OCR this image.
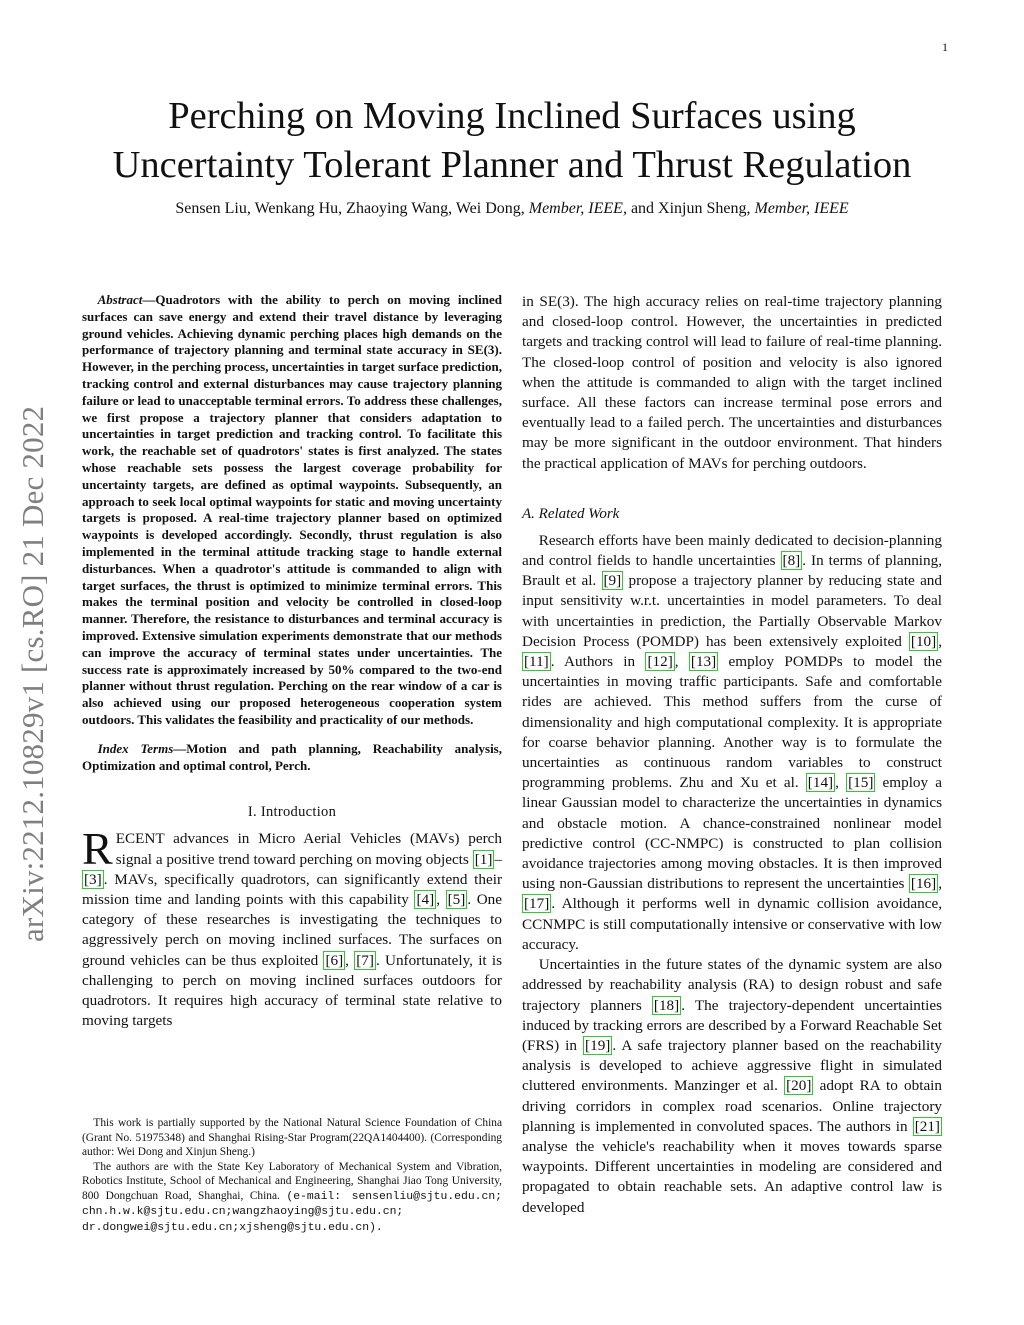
1
arXiv:2212.10829v1 [cs.RO] 21 Dec 2022
Perching on Moving Inclined Surfaces using
Uncertainty Tolerant Planner and Thrust Regulation
Sensen Liu, Wenkang Hu, Zhaoying Wang, Wei Dong, Member, IEEE, and Xinjun Sheng, Member, IEEE

Abstract—Quadrotors with the ability to perch on moving inclined surfaces can save energy and extend their travel distance by leveraging ground vehicles. Achieving dynamic perching places high demands on the performance of trajectory planning and terminal state accuracy in SE(3). However, in the perching process, uncertainties in target surface prediction, tracking control and external disturbances may cause trajectory planning failure or lead to unacceptable terminal errors. To address these challenges, we first propose a trajectory planner that considers adaptation to uncertainties in target prediction and tracking control. To facilitate this work, the reachable set of quadrotors' states is first analyzed. The states whose reachable sets possess the largest coverage probability for uncertainty targets, are defined as optimal waypoints. Subsequently, an approach to seek local optimal waypoints for static and moving uncertainty targets is proposed. A real-time trajectory planner based on optimized waypoints is developed accordingly. Secondly, thrust regulation is also implemented in the terminal attitude tracking stage to handle external disturbances. When a quadrotor's attitude is commanded to align with target surfaces, the thrust is optimized to minimize terminal errors. This makes the terminal position and velocity be controlled in closed-loop manner. Therefore, the resistance to disturbances and terminal accuracy is improved. Extensive simulation experiments demonstrate that our methods can improve the accuracy of terminal states under uncertainties. The success rate is approximately increased by 50% compared to the two-end planner without thrust regulation. Perching on the rear window of a car is also achieved using our proposed heterogeneous cooperation system outdoors. This validates the feasibility and practicality of our methods.

Index Terms—Motion and path planning, Reachability analysis, Optimization and optimal control, Perch.

I. Introduction

RECENT advances in Micro Aerial Vehicles (MAVs) perch signal a positive trend toward perching on moving objects [1] –[3] . MAVs, specifically quadrotors, can significantly extend their mission time and landing points with this capability [4] , [5] . One category of these researches is investigating the techniques to aggressively perch on moving inclined surfaces. The surfaces on ground vehicles can be thus exploited [6] , [7] . Unfortunately, it is challenging to perch on moving inclined surfaces outdoors for quadrotors. It requires high accuracy of terminal state relative to moving targets

This work is partially supported by the National Natural Science Foundation of China (Grant No. 51975348) and Shanghai Rising-Star Program(22QA1404400). (Corresponding author: Wei Dong and Xinjun Sheng.)

The authors are with the State Key Laboratory of Mechanical System and Vibration, Robotics Institute, School of Mechanical and Engineering, Shanghai Jiao Tong University, 800 Dongchuan Road, Shanghai, China. (e-mail: sensenliu@sjtu.edu.cn; chn.h.w.k@sjtu.edu.cn;wangzhaoying@sjtu.edu.cn; dr.dongwei@sjtu.edu.cn;xjsheng@sjtu.edu.cn).

in SE(3). The high accuracy relies on real-time trajectory planning and closed-loop control. However, the uncertainties in predicted targets and tracking control will lead to failure of real-time planning. The closed-loop control of position and velocity is also ignored when the attitude is commanded to align with the target inclined surface. All these factors can increase terminal pose errors and eventually lead to a failed perch. The uncertainties and disturbances may be more significant in the outdoor environment. That hinders the practical application of MAVs for perching outdoors.

A. Related Work

Research efforts have been mainly dedicated to decision-planning and control fields to handle uncertainties [8] . In terms of planning, Brault et al. [9] propose a trajectory planner by reducing state and input sensitivity w.r.t. uncertainties in model parameters. To deal with uncertainties in prediction, the Partially Observable Markov Decision Process (POMDP) has been extensively exploited [10] , [11] . Authors in [12] , [13] employ POMDPs to model the uncertainties in moving traffic participants. Safe and comfortable rides are achieved. This method suffers from the curse of dimensionality and high computational complexity. It is appropriate for coarse behavior planning. Another way is to formulate the uncertainties as continuous random variables to construct programming problems. Zhu and Xu et al. [14] , [15] employ a linear Gaussian model to characterize the uncertainties in dynamics and obstacle motion. A chance-constrained nonlinear model predictive control (CC-NMPC) is constructed to plan collision avoidance trajectories among moving obstacles. It is then improved using non-Gaussian distributions to represent the uncertainties [16] , [17] . Although it performs well in dynamic collision avoidance, CCNMPC is still computationally intensive or conservative with low accuracy.

Uncertainties in the future states of the dynamic system are also addressed by reachability analysis (RA) to design robust and safe trajectory planners [18] . The trajectory-dependent uncertainties induced by tracking errors are described by a Forward Reachable Set (FRS) in [19] . A safe trajectory planner based on the reachability analysis is developed to achieve aggressive flight in simulated cluttered environments. Manzinger et al. [20] adopt RA to obtain driving corridors in complex road scenarios. Online trajectory planning is implemented in convoluted spaces. The authors in [21] analyse the vehicle's reachability when it moves towards sparse waypoints. Different uncertainties in modeling are considered and propagated to obtain reachable sets. An adaptive control law is developed
